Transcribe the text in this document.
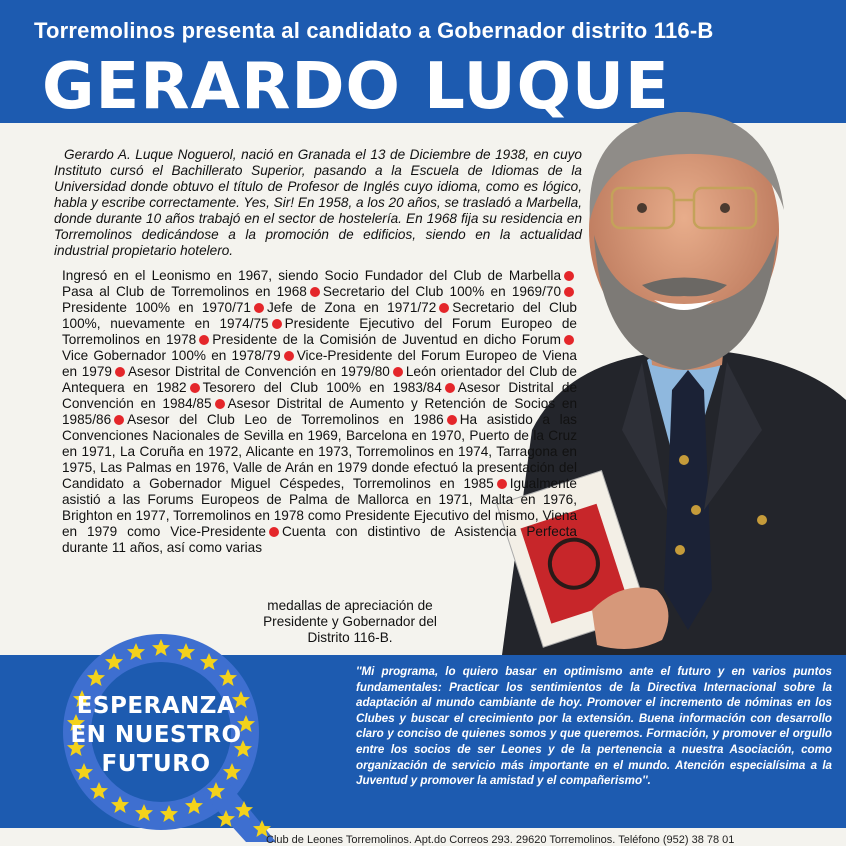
Torremolinos presenta al candidato a Gobernador distrito 116-B
GERARDO LUQUE

Gerardo A. Luque Noguerol, nació en Granada el 13 de Diciembre de 1938, en cuyo Instituto cursó el Bachillerato Superior, pasando a la Escuela de Idiomas de la Universidad donde obtuvo el título de Profesor de Inglés cuyo idioma, como es lógico, habla y escribe correctamente. Yes, Sir! En 1958, a los 20 años, se trasladó a Marbella, donde durante 10 años trabajó en el sector de hostelería. En 1968 fija su residencia en Torremolinos dedicándose a la promoción de edificios, siendo en la actualidad industrial propietario hotelero.

Ingresó en el Leonismo en 1967, siendo Socio Fundador del Club de MarbellaPasa al Club de Torremolinos en 1968 Secretario del Club 100% en 1969/70Presidente 100% en 1970/71 Jefe de Zona en 1971/72 Secretario del Club 100%, nuevamente en 1974/75 Presidente Ejecutivo del Forum Europeo de Torremolinos en 1978 Presidente de la Comisión de Juventud en dicho ForumVice Gobernador 100% en 1978/79 Vice-Presidente del Forum Europeo de Viena en 1979 Asesor Distrital de Convención en 1979/80 León orientador del Club de Antequera en 1982 Tesorero del Club 100% en 1983/84 Asesor Distrital de Convención en 1984/85 Asesor Distrital de Aumento y Retención de Socios en 1985/86 Asesor del Club Leo de Torremolinos en 1986 Ha asistido a las Convenciones Nacionales de Sevilla en 1969, Barcelona en 1970, Puerto de la Cruz en 1971, La Coruña en 1972, Alicante en 1973, Torremolinos en 1974, Tarragona en 1975, Las Palmas en 1976, Valle de Arán en 1979 donde efectuó la presentación del Candidato a Gobernador Miguel Céspedes, Torremolinos en 1985 Igualmente asistió a las Forums Europeos de Palma de Mallorca en 1971, Malta en 1976, Brighton en 1977, Torremolinos en 1978 como Presidente Ejecutivo del mismo, Viena en 1979 como Vice-Presidente Cuenta con distintivo de Asistencia Perfecta durante 11 años, así como varias

medallas de apreciación de Presidente y Gobernador del Distrito 116-B.
ESPERANZA
EN NUESTRO
FUTURO

''Mi programa, lo quiero basar en optimismo ante el futuro y en varios puntos fundamentales: Practicar los sentimientos de la Directiva Internacional sobre la adaptación al mundo cambiante de hoy. Promover el incremento de nóminas en los Clubes y buscar el crecimiento por la extensión. Buena información con desarrollo claro y conciso de quienes somos y que queremos. Formación, y promover el orgullo entre los socios de ser Leones y de la pertenencia a nuestra Asociación, como organización de servicio más importante en el mundo. Atención especialísima a la Juventud y promover la amistad y el compañerismo''.

Club de Leones Torremolinos. Apt.do Correos 293. 29620 Torremolinos. Teléfono (952) 38 78 01
